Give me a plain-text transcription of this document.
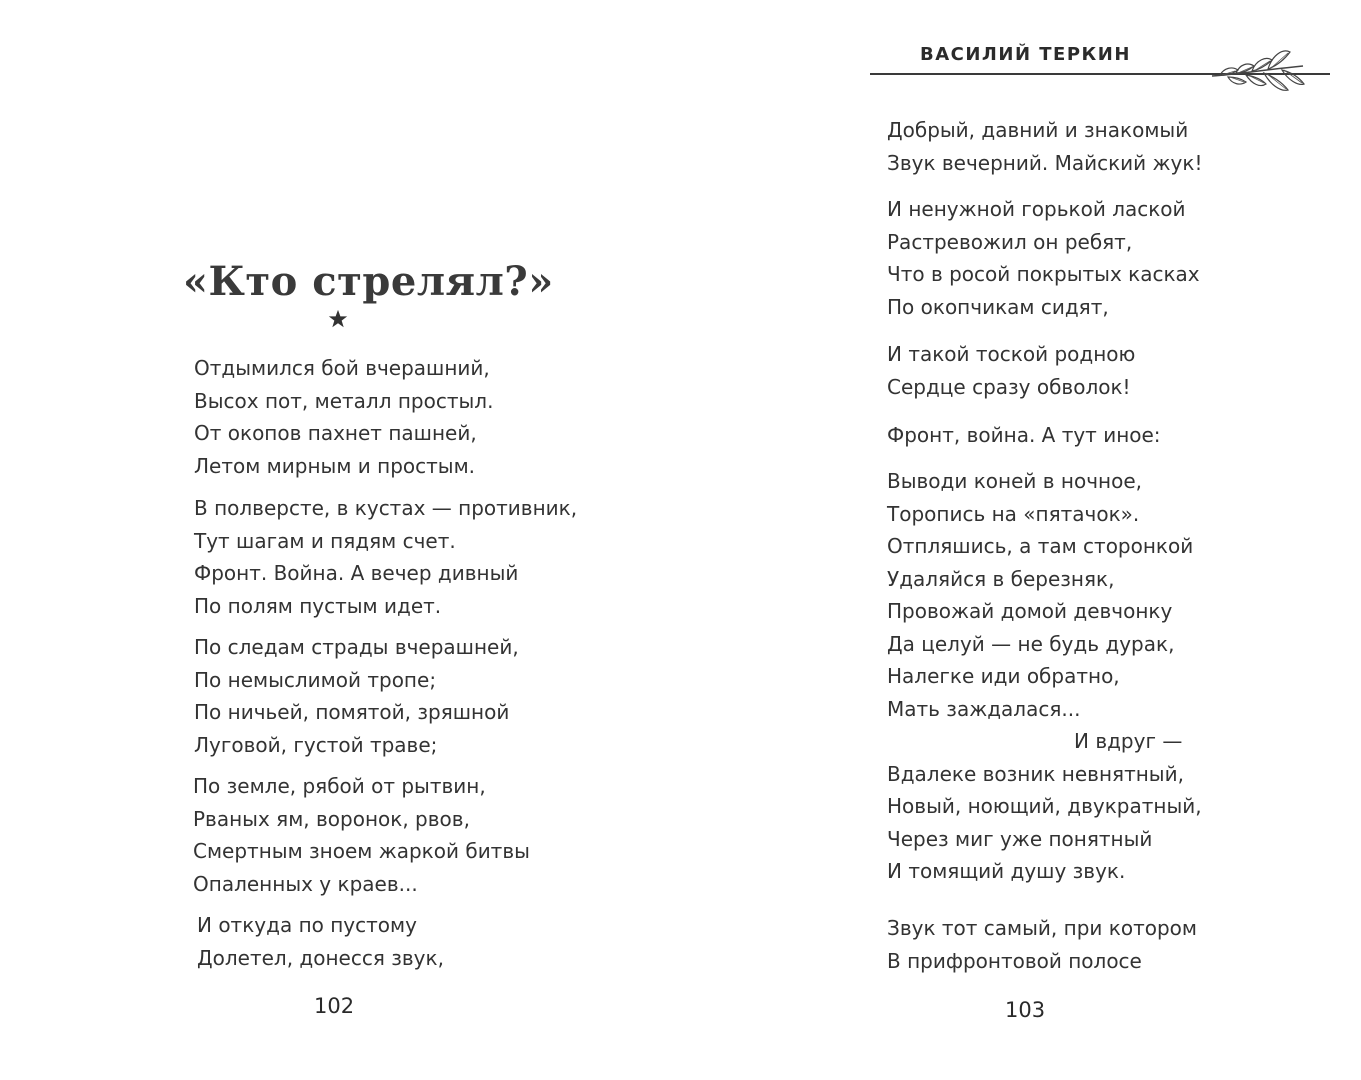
«Кто стрелял?»
Отдымился бой вчерашний,
Высох пот, металл простыл.
От окопов пахнет пашней,
Летом мирным и простым.
В полверсте, в кустах — противник,
Тут шагам и пядям счет.
Фронт. Война. А вечер дивный
По полям пустым идет.
По следам страды вчерашней,
По немыслимой тропе;
По ничьей, помятой, зряшной
Луговой, густой траве;
По земле, рябой от рытвин,
Рваных ям, воронок, рвов,
Смертным зноем жаркой битвы
Опаленных у краев...
И откуда по пустому
Долетел, донесся звук,
102
ВАСИЛИЙ ТЕРКИН
Добрый, давний и знакомый
Звук вечерний. Майский жук!
И ненужной горькой лаской
Растревожил он ребят,
Что в росой покрытых касках
По окопчикам сидят,
И такой тоской родною
Сердце сразу обволок!
Фронт, война. А тут иное:
Выводи коней в ночное,
Торопись на «пятачок».
Отпляшись, а там сторонкой
Удаляйся в березняк,
Провожай домой девчонку
Да целуй — не будь дурак,
Налегке иди обратно,
Мать заждалася...
И вдруг —
Вдалеке возник невнятный,
Новый, ноющий, двукратный,
Через миг уже понятный
И томящий душу звук.
Звук тот самый, при котором
В прифронтовой полосе
103
